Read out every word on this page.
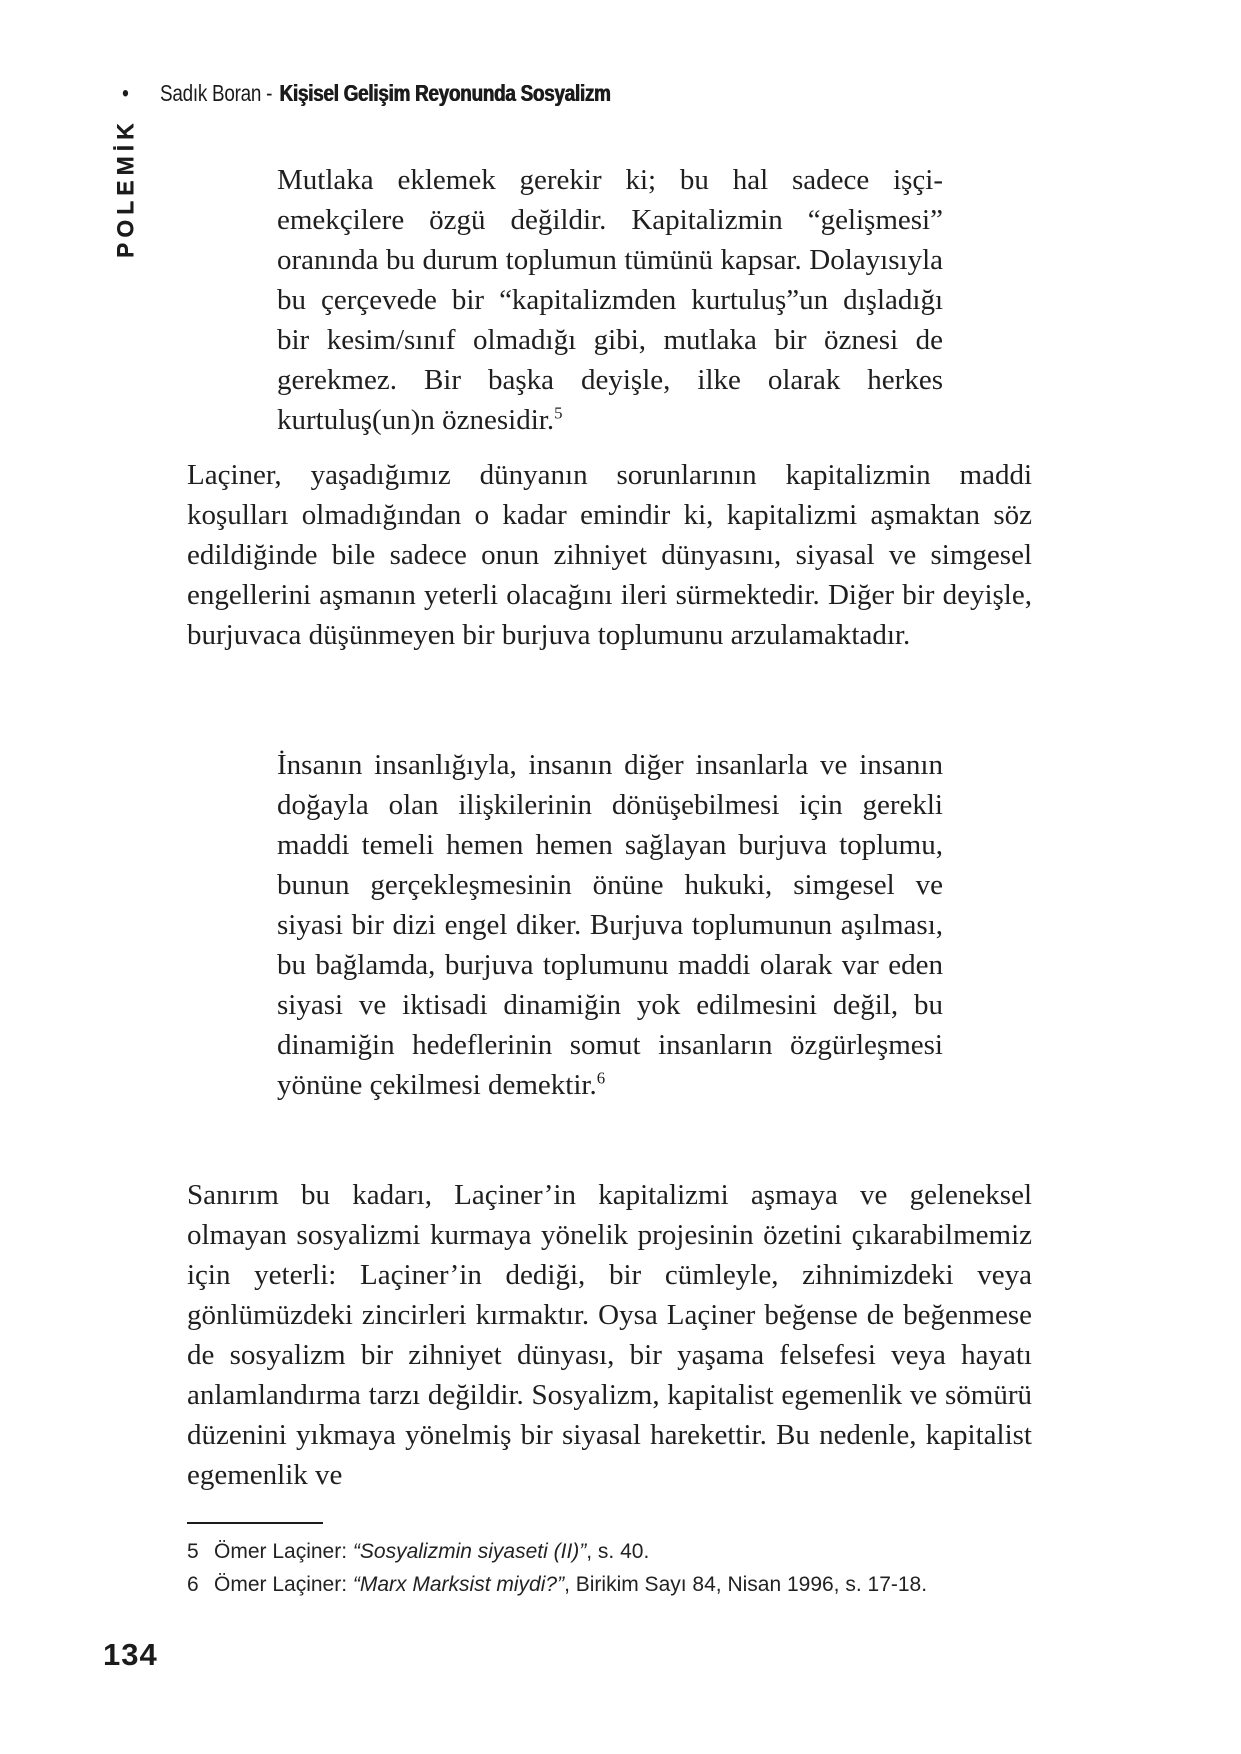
• Sadık Boran - Kişisel Gelişim Reyonunda Sosyalizm
POLEMİK	Mutlaka eklemek gerekir ki; bu hal sadece işçi-emekçilere özgü değildir. Kapitalizmin “gelişmesi” oranında bu durum toplumun tümünü kapsar. Dolayısıyla bu çerçevede bir “kapitalizmden kurtuluş”un dışladığı bir kesim/sınıf olmadığı gibi, mutlaka bir öznesi de gerekmez. Bir başka deyişle, ilke olarak herkes kurtuluş(un)n öznesidir.$^5$
Laçiner, yaşadığımız dünyanın sorunlarının kapitalizmin maddi koşulları olmadığından o kadar emindir ki, kapitalizmi aşmaktan söz edildiğinde bile sadece onun zihniyet dünyasını, siyasal ve simgesel engellerini aşmanın yeterli olacağını ileri sürmektedir. Diğer bir deyişle, burjuvaca düşünmeyen bir burjuva toplumunu arzulamaktadır.
İnsanın insanlığıyla, insanın diğer insanlarla ve insanın doğayla olan ilişkilerinin dönüşebilmesi için gerekli maddi temeli hemen hemen sağlayan burjuva toplumu, bunun gerçekleşmesinin önüne hukuki, simgesel ve siyasi bir dizi engel diker. Burjuva toplumunun aşılması, bu bağlamda, burjuva toplumunu maddi olarak var eden siyasi ve iktisadi dinamiğin yok edilmesini değil, bu dinamiğin hedeflerinin somut insanların özgürleşmesi yönüne çekilmesi demektir.$^6$
Sanırım bu kadarı, Laçiner’in kapitalizmi aşmaya ve geleneksel olmayan sosyalizmi kurmaya yönelik projesinin özetini çıkarabilmemiz için yeterli: Laçiner’in dediği, bir cümleyle, zihnimizdeki veya gönlümüzdeki zincirleri kırmaktır. Oysa Laçiner beğense de beğenmese de sosyalizm bir zihniyet dünyası, bir yaşama felsefesi veya hayatı anlamlandırma tarzı değildir. Sosyalizm, kapitalist egemenlik ve sömürü düzenini yıkmaya yönelmiş bir siyasal harekettir. Bu nedenle, kapitalist egemenlik ve
5 Ömer Laçiner: “Sosyalizmin siyaseti (II)”, s. 40.
6 Ömer Laçiner: “Marx Marksist miydi?”, Birikim Sayı 84, Nisan 1996, s. 17-18.
134
